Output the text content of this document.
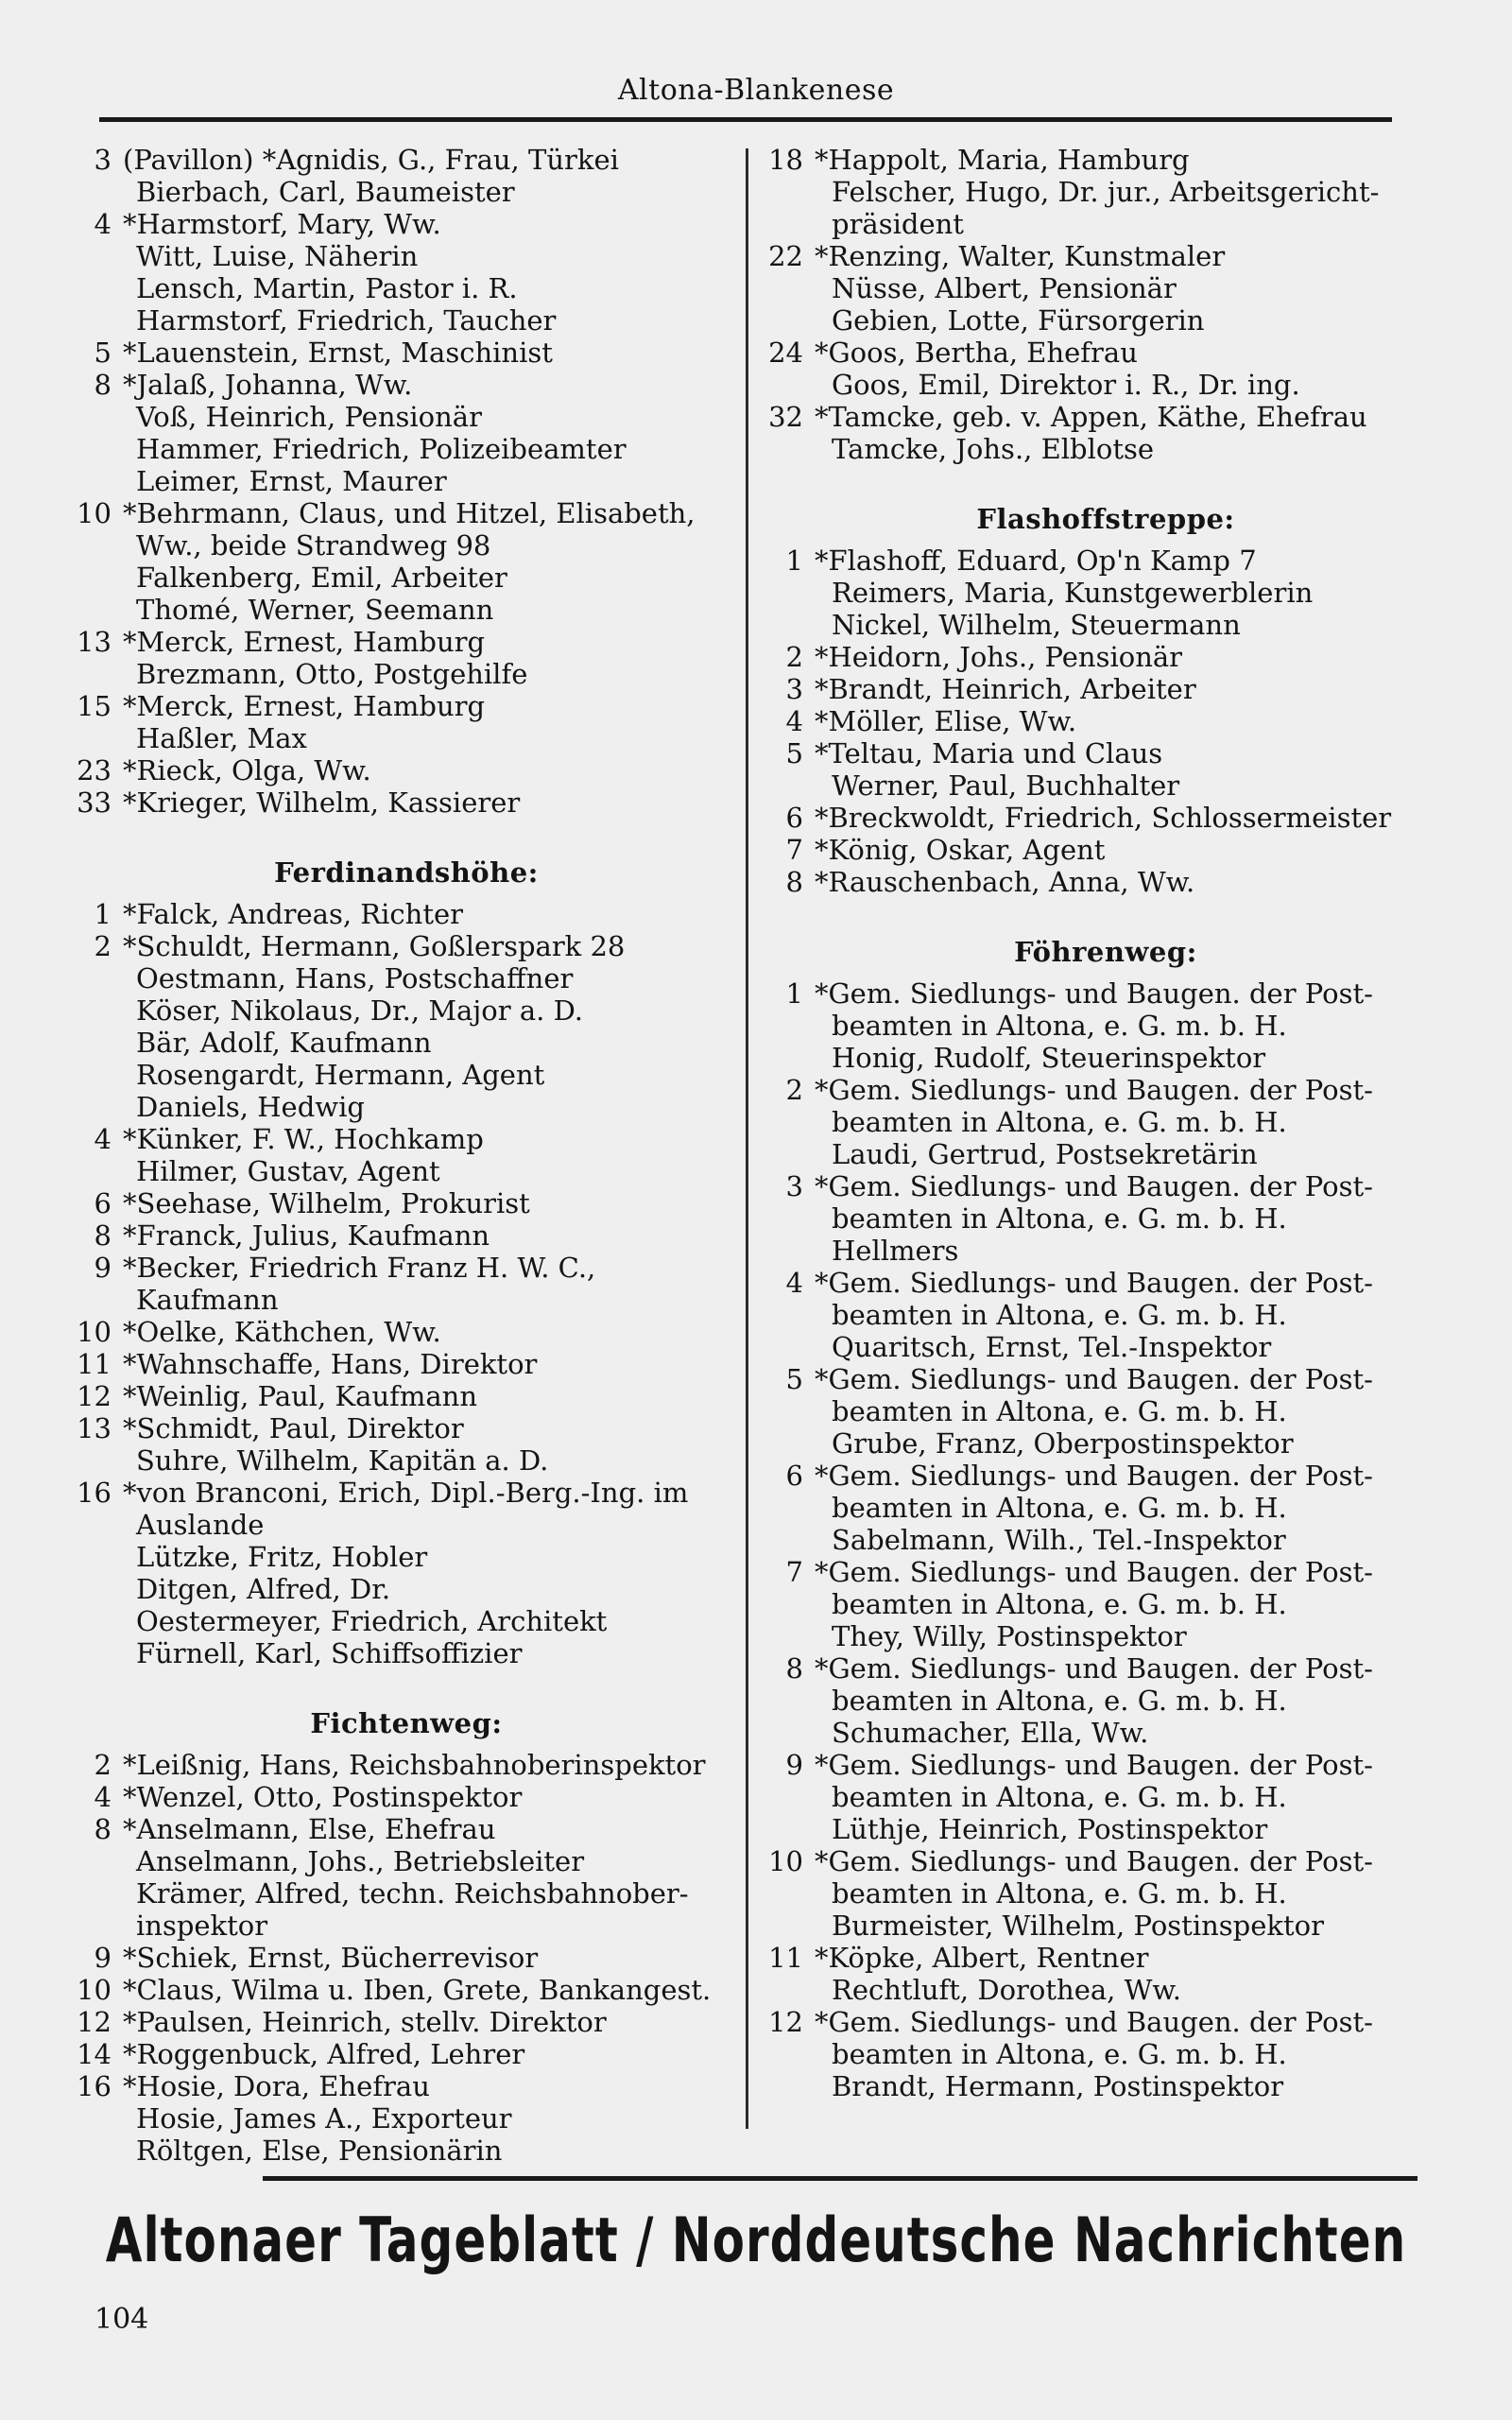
Altona-Blankenese
3 (Pavillon) *Agnidis, G., Frau, Türkei
Bierbach, Carl, Baumeister
4 *Harmstorf, Mary, Ww.
Witt, Luise, Näherin
Lensch, Martin, Pastor i. R.
Harmstorf, Friedrich, Taucher
5 *Lauenstein, Ernst, Maschinist
8 *Jalaß, Johanna, Ww.
Voß, Heinrich, Pensionär
Hammer, Friedrich, Polizeibeamter
Leimer, Ernst, Maurer
10 *Behrmann, Claus, und Hitzel, Elisabeth,
Ww., beide Strandweg 98
Falkenberg, Emil, Arbeiter
Thomé, Werner, Seemann
13 *Merck, Ernest, Hamburg
Brezmann, Otto, Postgehilfe
15 *Merck, Ernest, Hamburg
Haßler, Max
23 *Rieck, Olga, Ww.
33 *Krieger, Wilhelm, Kassierer
Ferdinandshöhe:
1 *Falck, Andreas, Richter
2 *Schuldt, Hermann, Goßlerspark 28
Oestmann, Hans, Postschaffner
Köser, Nikolaus, Dr., Major a. D.
Bär, Adolf, Kaufmann
Rosengardt, Hermann, Agent
Daniels, Hedwig
4 *Künker, F. W., Hochkamp
Hilmer, Gustav, Agent
6 *Seehase, Wilhelm, Prokurist
8 *Franck, Julius, Kaufmann
9 *Becker, Friedrich Franz H. W. C.,
Kaufmann
10 *Oelke, Käthchen, Ww.
11 *Wahnschaffe, Hans, Direktor
12 *Weinlig, Paul, Kaufmann
13 *Schmidt, Paul, Direktor
Suhre, Wilhelm, Kapitän a. D.
16 *von Branconi, Erich, Dipl.-Berg.-Ing. im
Auslande
Lützke, Fritz, Hobler
Ditgen, Alfred, Dr.
Oestermeyer, Friedrich, Architekt
Fürnell, Karl, Schiffsoffizier
Fichtenweg:
2 *Leißnig, Hans, Reichsbahnoberinspektor
4 *Wenzel, Otto, Postinspektor
8 *Anselmann, Else, Ehefrau
Anselmann, Johs., Betriebsleiter
Krämer, Alfred, techn. Reichsbahnober-
inspektor
9 *Schiek, Ernst, Bücherrevisor
10 *Claus, Wilma u. Iben, Grete, Bankangest.
12 *Paulsen, Heinrich, stellv. Direktor
14 *Roggenbuck, Alfred, Lehrer
16 *Hosie, Dora, Ehefrau
Hosie, James A., Exporteur
Röltgen, Else, Pensionärin
18 *Happolt, Maria, Hamburg
Felscher, Hugo, Dr. jur., Arbeitsgericht-
präsident
22 *Renzing, Walter, Kunstmaler
Nüsse, Albert, Pensionär
Gebien, Lotte, Fürsorgerin
24 *Goos, Bertha, Ehefrau
Goos, Emil, Direktor i. R., Dr. ing.
32 *Tamcke, geb. v. Appen, Käthe, Ehefrau
Tamcke, Johs., Elblotse
Flashoffstreppe:
1 *Flashoff, Eduard, Op'n Kamp 7
Reimers, Maria, Kunstgewerblerin
Nickel, Wilhelm, Steuermann
2 *Heidorn, Johs., Pensionär
3 *Brandt, Heinrich, Arbeiter
4 *Möller, Elise, Ww.
5 *Teltau, Maria und Claus
Werner, Paul, Buchhalter
6 *Breckwoldt, Friedrich, Schlossermeister
7 *König, Oskar, Agent
8 *Rauschenbach, Anna, Ww.
Föhrenweg:
1 *Gem. Siedlungs- und Baugen. der Post-
beamten in Altona, e. G. m. b. H.
Honig, Rudolf, Steuerinspektor
2 *Gem. Siedlungs- und Baugen. der Post-
beamten in Altona, e. G. m. b. H.
Laudi, Gertrud, Postsekretärin
3 *Gem. Siedlungs- und Baugen. der Post-
beamten in Altona, e. G. m. b. H.
Hellmers
4 *Gem. Siedlungs- und Baugen. der Post-
beamten in Altona, e. G. m. b. H.
Quaritsch, Ernst, Tel.-Inspektor
5 *Gem. Siedlungs- und Baugen. der Post-
beamten in Altona, e. G. m. b. H.
Grube, Franz, Oberpostinspektor
6 *Gem. Siedlungs- und Baugen. der Post-
beamten in Altona, e. G. m. b. H.
Sabelmann, Wilh., Tel.-Inspektor
7 *Gem. Siedlungs- und Baugen. der Post-
beamten in Altona, e. G. m. b. H.
They, Willy, Postinspektor
8 *Gem. Siedlungs- und Baugen. der Post-
beamten in Altona, e. G. m. b. H.
Schumacher, Ella, Ww.
9 *Gem. Siedlungs- und Baugen. der Post-
beamten in Altona, e. G. m. b. H.
Lüthje, Heinrich, Postinspektor
10 *Gem. Siedlungs- und Baugen. der Post-
beamten in Altona, e. G. m. b. H.
Burmeister, Wilhelm, Postinspektor
11 *Köpke, Albert, Rentner
Rechtluft, Dorothea, Ww.
12 *Gem. Siedlungs- und Baugen. der Post-
beamten in Altona, e. G. m. b. H.
Brandt, Hermann, Postinspektor
Altonaer Tageblatt / Norddeutsche Nachrichten
104
